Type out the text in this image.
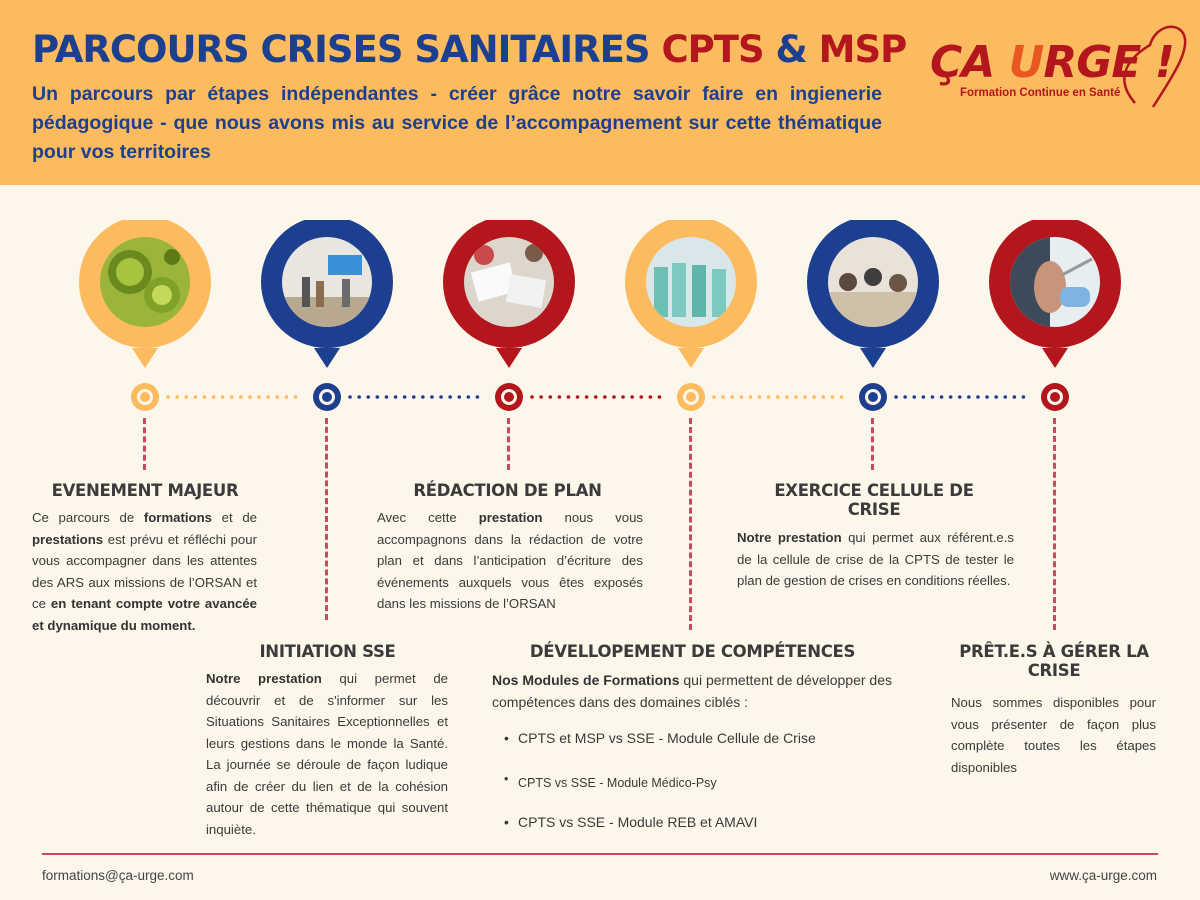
PARCOURS CRISES SANITAIRES CPTS & MSP
Un parcours par étapes indépendantes - créer grâce notre savoir faire en ingienerie pédagogique - que nous avons mis au service de l’accompagnement sur cette thématique pour vos territoires
ÇA URGE !
Formation Continue en Santé
EVENEMENT MAJEUR
Ce parcours de formations et de prestations est prévu et réfléchi pour vous accompagner dans les attentes des ARS aux missions de l’ORSAN et ce en tenant compte votre avancée et dynamique du moment.
INITIATION SSE
Notre prestation qui permet de découvrir et de s'informer sur les Situations Sanitaires Exceptionnelles et leurs gestions dans le monde la Santé. La journée se déroule de façon ludique afin de créer du lien et de la cohésion autour de cette thématique qui souvent inquiète.
RÉDACTION DE PLAN
Avec cette prestation nous vous accompagnons dans la rédaction de votre plan et dans l’anticipation d’écriture des événements auxquels vous êtes exposés dans les missions de l’ORSAN
DÉVELLOPEMENT DE COMPÉTENCES
Nos Modules de Formations qui permettent de développer des compétences dans des domaines ciblés :
• CPTS et MSP vs SSE - Module Cellule de Crise
• CPTS vs SSE - Module Médico-Psy
• CPTS vs SSE - Module REB et AMAVI
EXERCICE CELLULE DE
CRISE
Notre prestation qui permet aux référent.e.s de la cellule de crise de la CPTS de tester le plan de gestion de crises en conditions réelles.
PRÊT.E.S À GÉRER LA
CRISE
Nous sommes disponibles pour vous présenter de façon plus complète toutes les étapes disponibles
formations@ça-urge.com	www.ça-urge.com
